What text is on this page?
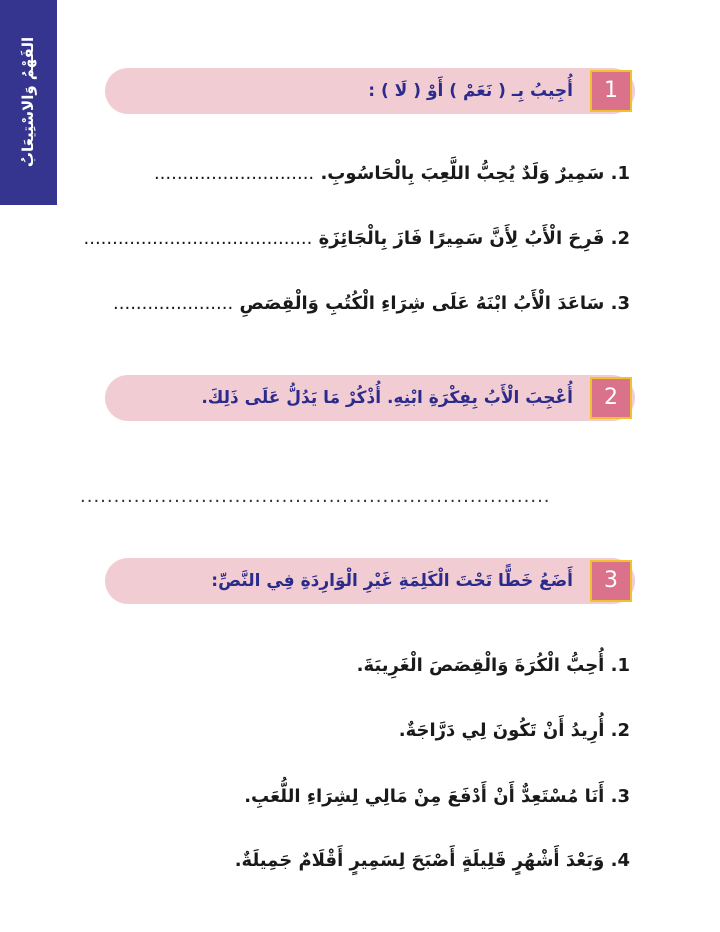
الفَهْمُ وَالاسْتِيعَابُ	أُجِيبُ بِـ ( نَعَمْ ) أَوْ ( لَا ) :	1
1. سَمِيرٌ وَلَدٌ يُحِبُّ اللَّعِبَ بِالْحَاسُوبِ. ............................
2. فَرِحَ الْأَبُ لِأَنَّ سَمِيرًا فَازَ بِالْجَائِزَةِ ........................................
3. سَاعَدَ الْأَبُ ابْنَهُ عَلَى شِرَاءِ الْكُتُبِ وَالْقِصَصِ .....................
أُعْجِبَ الْأَبُ بِفِكْرَةِ ابْنِهِ. أُذْكُرْ مَا يَدُلُّ عَلَى ذَلِكَ.	2
......................................................................
أَضَعُ خَطًّا تَحْتَ الْكَلِمَةِ غَيْرِ الْوَارِدَةِ فِي النَّصِّ:	3
1. أُحِبُّ الْكُرَةَ وَالْقِصَصَ الْغَرِيبَةَ.
2. أُرِيدُ أَنْ تَكُونَ لِي دَرَّاجَةٌ.
3. أَنَا مُسْتَعِدٌّ أَنْ أَدْفَعَ مِنْ مَالِي لِشِرَاءِ اللُّعَبِ.
4. وَبَعْدَ أَشْهُرٍ قَلِيلَةٍ أَصْبَحَ لِسَمِيرٍ أَقْلَامٌ جَمِيلَةٌ.
